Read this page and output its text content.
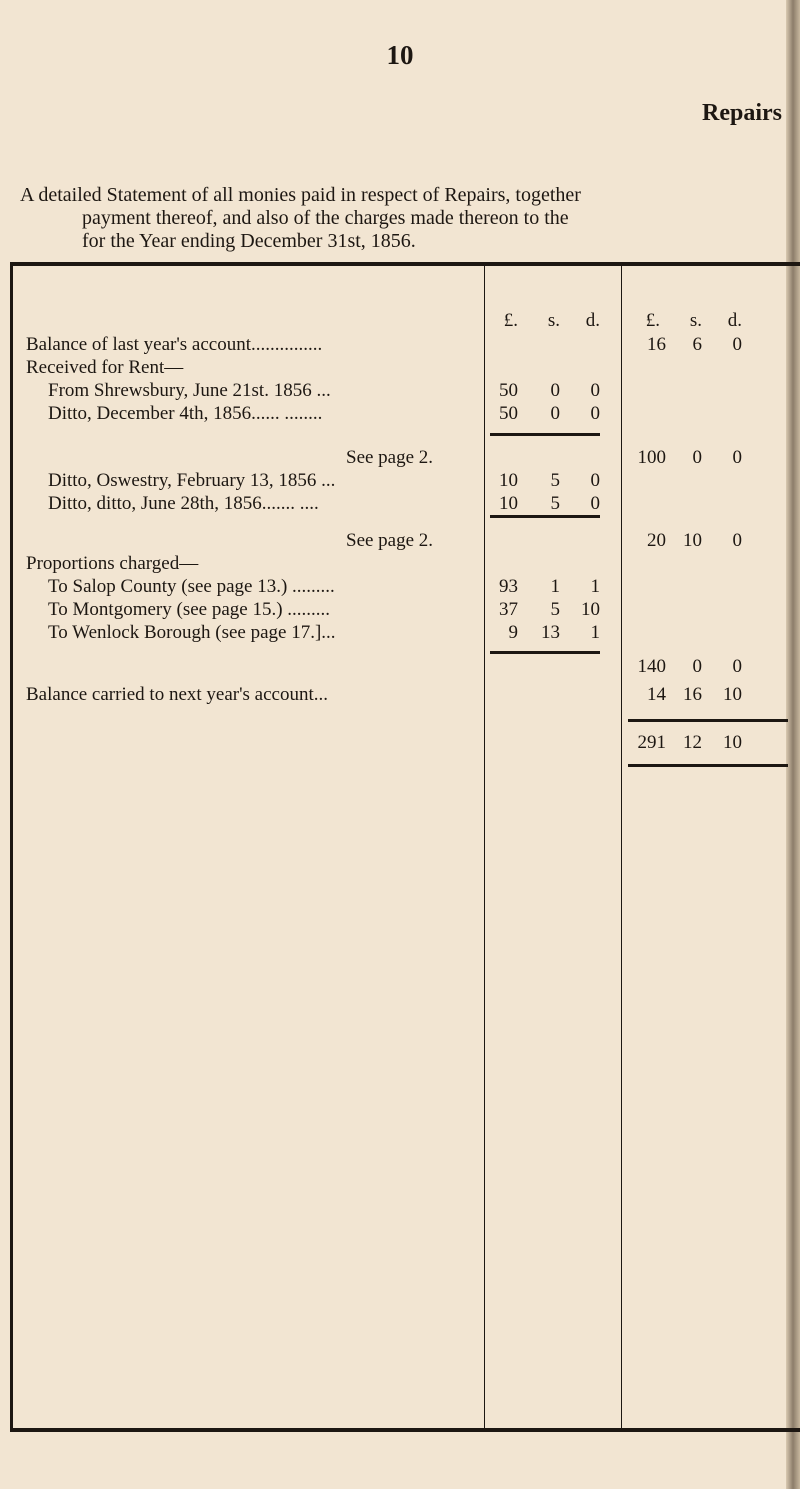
10
Repairs
A detailed Statement of all monies paid in respect of Repairs, together
payment thereof, and also of the charges made thereon to the
for the Year ending December 31st, 1856.
£.	s.	d.	£.	s.	d.
Balance of last year's account...............	16	6	0
Received for Rent—
From Shrewsbury, June 21st. 1856 ...	50	0	0
Ditto, December 4th, 1856...... ........	50	0	0
See page 2.	100	0	0
Ditto, Oswestry, February 13, 1856 ...	10	5	0
Ditto, ditto, June 28th, 1856....... ....	10	5	0
See page 2.	20 10	0
Proportions charged—
To Salop County (see page 13.) .........	93	1	1
To Montgomery (see page 15.) .........	37	5	10
To Wenlock Borough (see page 17.]...	9	13	1
140	0	0
Balance carried to next year's account...	14 16	10
291 12	10
